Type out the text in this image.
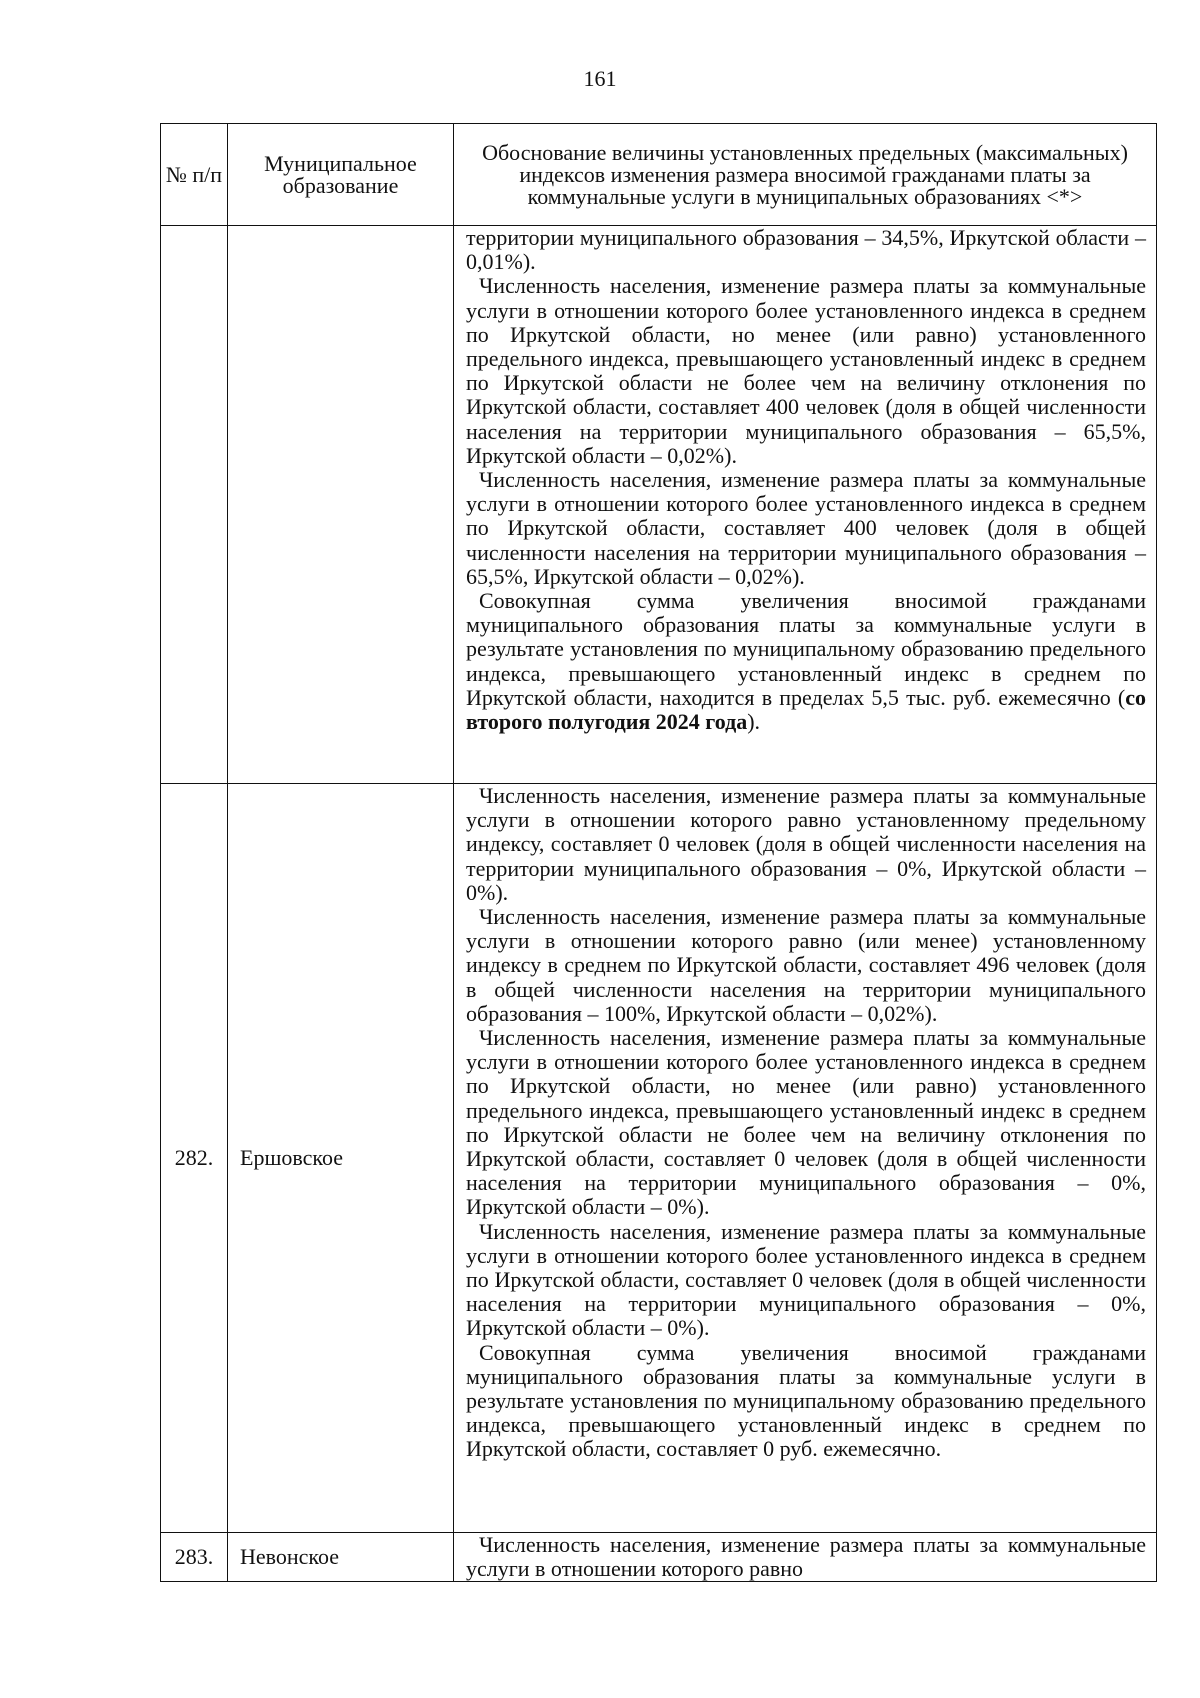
161
№ п/п	Муниципальное образование	Обоснование величины установленных предельных (максимальных) индексов изменения размера вносимой гражданами платы за коммунальные услуги в муниципальных образованиях <*>

		территории муниципального образования – 34,5%, Иркутской области – 0,01%).

Численность населения, изменение размера платы за коммунальные услуги в отношении которого более установленного индекса в среднем по Иркутской области, но менее (или равно) установленного предельного индекса, превышающего установленный индекс в среднем по Иркутской области не более чем на величину отклонения по Иркутской области, составляет 400 человек (доля в общей численности населения на территории муниципального образования – 65,5%, Иркутской области – 0,02%).

Численность населения, изменение размера платы за коммунальные услуги в отношении которого более установленного индекса в среднем по Иркутской области, составляет 400 человек (доля в общей численности населения на территории муниципального образования – 65,5%, Иркутской области – 0,02%).

Совокупная сумма увеличения вносимой гражданами муниципального образования платы за коммунальные услуги в результате установления по муниципальному образованию предельного индекса, превышающего установленный индекс в среднем по Иркутской области, находится в пределах 5,5 тыс. руб. ежемесячно (со второго полугодия 2024 года).

282.	Ершовское	Численность населения, изменение размера платы за коммунальные услуги в отношении которого равно установленному предельному индексу, составляет 0 человек (доля в общей численности населения на территории муниципального образования – 0%, Иркутской области – 0%).

Численность населения, изменение размера платы за коммунальные услуги в отношении которого равно (или менее) установленному индексу в среднем по Иркутской области, составляет 496 человек (доля в общей численности населения на территории муниципального образования – 100%, Иркутской области – 0,02%).

Численность населения, изменение размера платы за коммунальные услуги в отношении которого более установленного индекса в среднем по Иркутской области, но менее (или равно) установленного предельного индекса, превышающего установленный индекс в среднем по Иркутской области не более чем на величину отклонения по Иркутской области, составляет 0 человек (доля в общей численности населения на территории муниципального образования – 0%, Иркутской области – 0%).

Численность населения, изменение размера платы за коммунальные услуги в отношении которого более установленного индекса в среднем по Иркутской области, составляет 0 человек (доля в общей численности населения на территории муниципального образования – 0%, Иркутской области – 0%).

Совокупная сумма увеличения вносимой гражданами муниципального образования платы за коммунальные услуги в результате установления по муниципальному образованию предельного индекса, превышающего установленный индекс в среднем по Иркутской области, составляет 0 руб. ежемесячно.

283.	Невонское	Численность населения, изменение размера платы за коммунальные услуги в отношении которого равно
